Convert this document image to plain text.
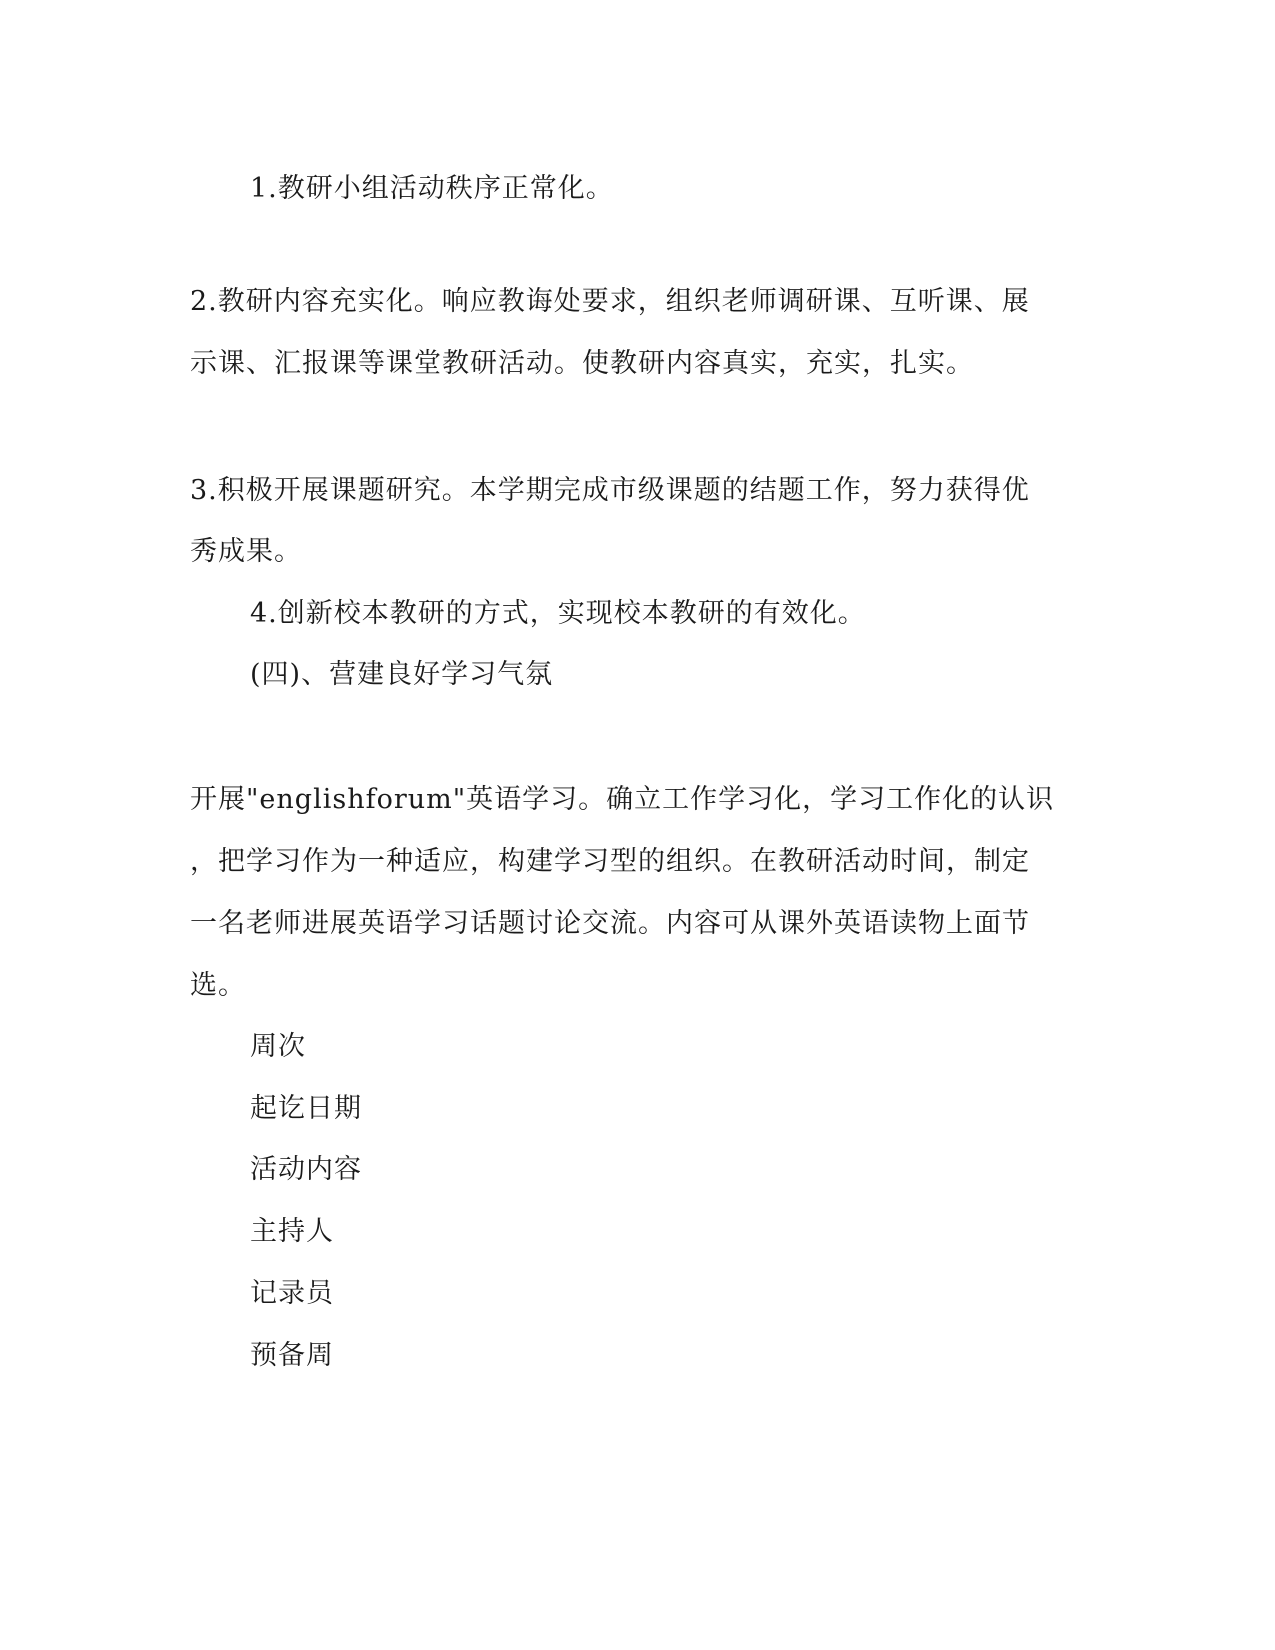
1.教研小组活动秩序正常化。
2.教研内容充实化。响应教诲处要求，组织老师调研课、互听课、展
示课、汇报课等课堂教研活动。使教研内容真实，充实，扎实。
3.积极开展课题研究。本学期完成市级课题的结题工作，努力获得优
秀成果。
4.创新校本教研的方式，实现校本教研的有效化。
(四)、营建良好学习气氛
开展"englishforum"英语学习。确立工作学习化，学习工作化的认识
，把学习作为一种适应，构建学习型的组织。在教研活动时间，制定
一名老师进展英语学习话题讨论交流。内容可从课外英语读物上面节
选。
周次
起讫日期
活动内容
主持人
记录员
预备周
